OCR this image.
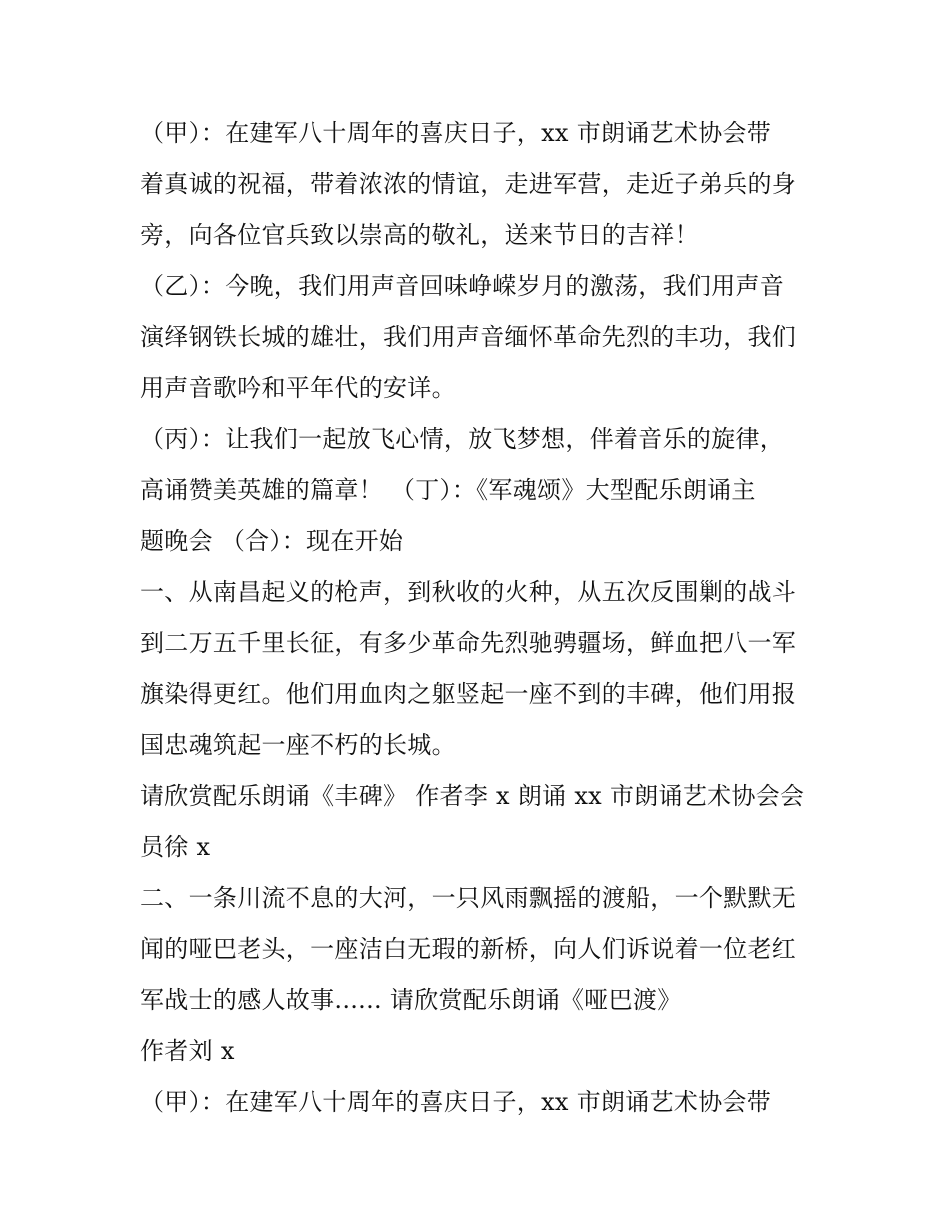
（甲）：在建军八十周年的喜庆日子，xx 市朗诵艺术协会带
着真诚的祝福，带着浓浓的情谊，走进军营，走近子弟兵的身
旁，向各位官兵致以崇高的敬礼，送来节日的吉祥！
（乙）：今晚，我们用声音回味峥嵘岁月的激荡，我们用声音
演绎钢铁长城的雄壮，我们用声音缅怀革命先烈的丰功，我们
用声音歌吟和平年代的安详。
（丙）：让我们一起放飞心情，放飞梦想，伴着音乐的旋律，
高诵赞美英雄的篇章！ （丁）：《军魂颂》大型配乐朗诵主
题晚会 （合）：现在开始
一、从南昌起义的枪声，到秋收的火种，从五次反围剿的战斗
到二万五千里长征，有多少革命先烈驰骋疆场，鲜血把八一军
旗染得更红。他们用血肉之躯竖起一座不到的丰碑，他们用报
国忠魂筑起一座不朽的长城。
请欣赏配乐朗诵《丰碑》 作者李 x 朗诵 xx 市朗诵艺术协会会
员徐 x
二、一条川流不息的大河，一只风雨飘摇的渡船，一个默默无
闻的哑巴老头，一座洁白无瑕的新桥，向人们诉说着一位老红
军战士的感人故事...... 请欣赏配乐朗诵《哑巴渡》
作者刘 x
（甲）：在建军八十周年的喜庆日子，xx 市朗诵艺术协会带
